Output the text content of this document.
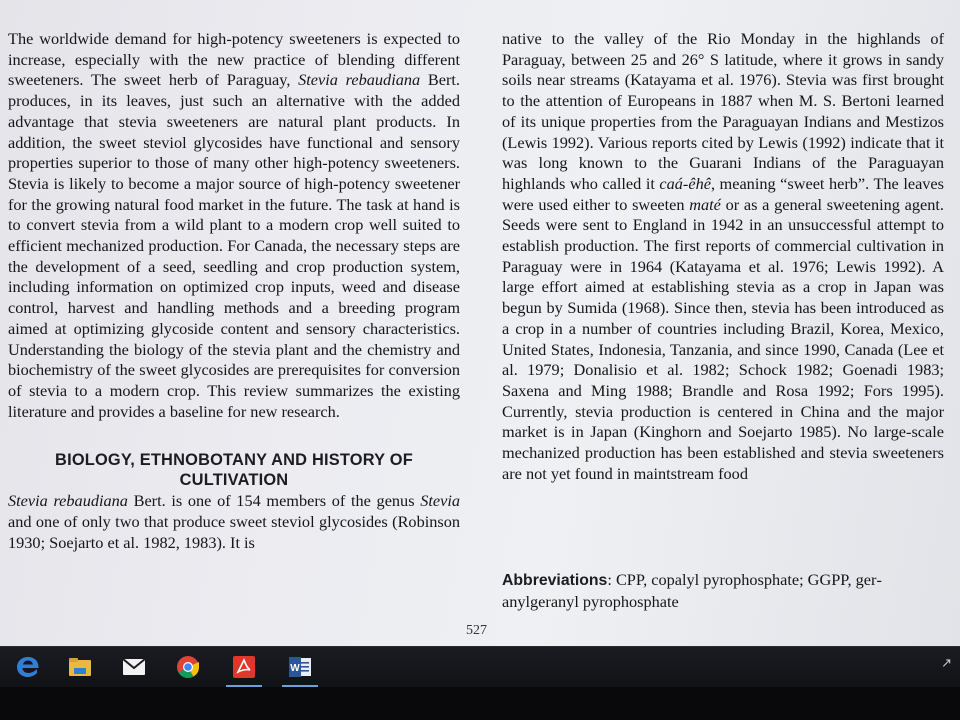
The worldwide demand for high-potency sweeteners is expected to increase, especially with the new practice of blending different sweeteners. The sweet herb of Paraguay, Stevia rebaudiana Bert. produces, in its leaves, just such an alternative with the added advantage that stevia sweeteners are natural plant products. In addition, the sweet steviol glycosides have functional and sensory properties superior to those of many other high-potency sweeteners. Stevia is likely to become a major source of high-potency sweetener for the growing natural food market in the future. The task at hand is to convert stevia from a wild plant to a modern crop well suited to efficient mechanized production. For Canada, the necessary steps are the development of a seed, seedling and crop production system, including information on optimized crop inputs, weed and disease control, harvest and handling methods and a breeding program aimed at optimizing glycoside content and sensory characteristics. Understanding the biology of the stevia plant and the chemistry and biochemistry of the sweet glycosides are prerequisites for conversion of stevia to a modern crop. This review summarizes the existing literature and provides a baseline for new research.

BIOLOGY, ETHNOBOTANY AND HISTORY OF CULTIVATION

Stevia rebaudiana Bert. is one of 154 members of the genus Stevia and one of only two that produce sweet steviol glycosides (Robinson 1930; Soejarto et al. 1982, 1983). It is

native to the valley of the Rio Monday in the highlands of Paraguay, between 25 and 26° S latitude, where it grows in sandy soils near streams (Katayama et al. 1976). Stevia was first brought to the attention of Europeans in 1887 when M. S. Bertoni learned of its unique properties from the Paraguayan Indians and Mestizos (Lewis 1992). Various reports cited by Lewis (1992) indicate that it was long known to the Guarani Indians of the Paraguayan highlands who called it caá-êhê, meaning “sweet herb”. The leaves were used either to sweeten maté or as a general sweetening agent. Seeds were sent to England in 1942 in an unsuccessful attempt to establish production. The first reports of commercial cultivation in Paraguay were in 1964 (Katayama et al. 1976; Lewis 1992). A large effort aimed at establishing stevia as a crop in Japan was begun by Sumida (1968). Since then, stevia has been introduced as a crop in a number of countries including Brazil, Korea, Mexico, United States, Indonesia, Tanzania, and since 1990, Canada (Lee et al. 1979; Donalisio et al. 1982; Schock 1982; Goenadi 1983; Saxena and Ming 1988; Brandle and Rosa 1992; Fors 1995). Currently, stevia production is centered in China and the major market is in Japan (Kinghorn and Soejarto 1985). No large-scale mechanized production has been established and stevia sweeteners are not yet found in maintstream food

Abbreviations: CPP, copalyl pyrophosphate; GGPP, geranylgeranyl pyrophosphate
527
W	↗
